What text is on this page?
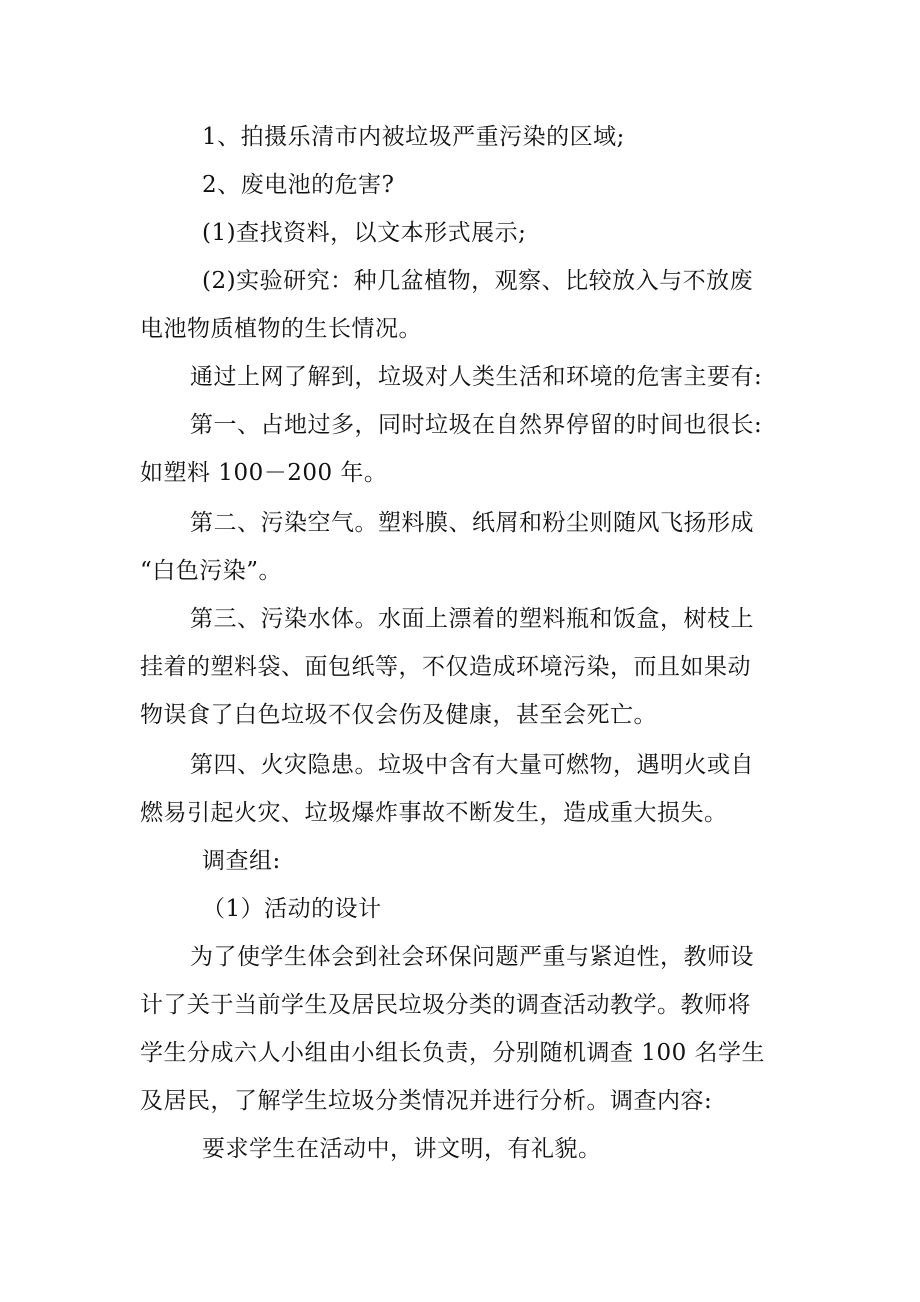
1、拍摄乐清市内被垃圾严重污染的区域;
2、废电池的危害?
(1)查找资料，以文本形式展示;
(2)实验研究：种几盆植物，观察、比较放入与不放废
电池物质植物的生长情况。
通过上网了解到，垃圾对人类生活和环境的危害主要有:
第一、占地过多，同时垃圾在自然界停留的时间也很长:
如塑料 100－200 年。
第二、污染空气。塑料膜、纸屑和粉尘则随风飞扬形成
“白色污染”。
第三、污染水体。水面上漂着的塑料瓶和饭盒，树枝上
挂着的塑料袋、面包纸等，不仅造成环境污染，而且如果动
物误食了白色垃圾不仅会伤及健康，甚至会死亡。
第四、火灾隐患。垃圾中含有大量可燃物，遇明火或自
燃易引起火灾、垃圾爆炸事故不断发生，造成重大损失。
调查组:
（1）活动的设计
为了使学生体会到社会环保问题严重与紧迫性，教师设
计了关于当前学生及居民垃圾分类的调查活动教学。教师将
学生分成六人小组由小组长负责，分别随机调查 100 名学生
及居民，了解学生垃圾分类情况并进行分析。调查内容:
要求学生在活动中，讲文明，有礼貌。
